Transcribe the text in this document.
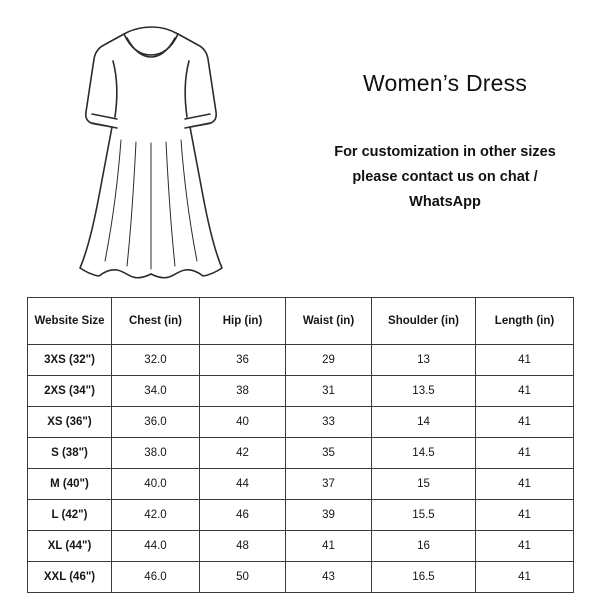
Women’s Dress

For customization in other sizes please contact us on chat / WhatsApp

Website Size	Chest (in)	Hip (in)	Waist (in)	Shoulder (in)	Length (in)
3XS (32")	32.0	36	29	13	41
2XS (34")	34.0	38	31	13.5	41
XS (36")	36.0	40	33	14	41
S (38")	38.0	42	35	14.5	41
M (40")	40.0	44	37	15	41
L (42")	42.0	46	39	15.5	41
XL (44")	44.0	48	41	16	41
XXL (46")	46.0	50	43	16.5	41
